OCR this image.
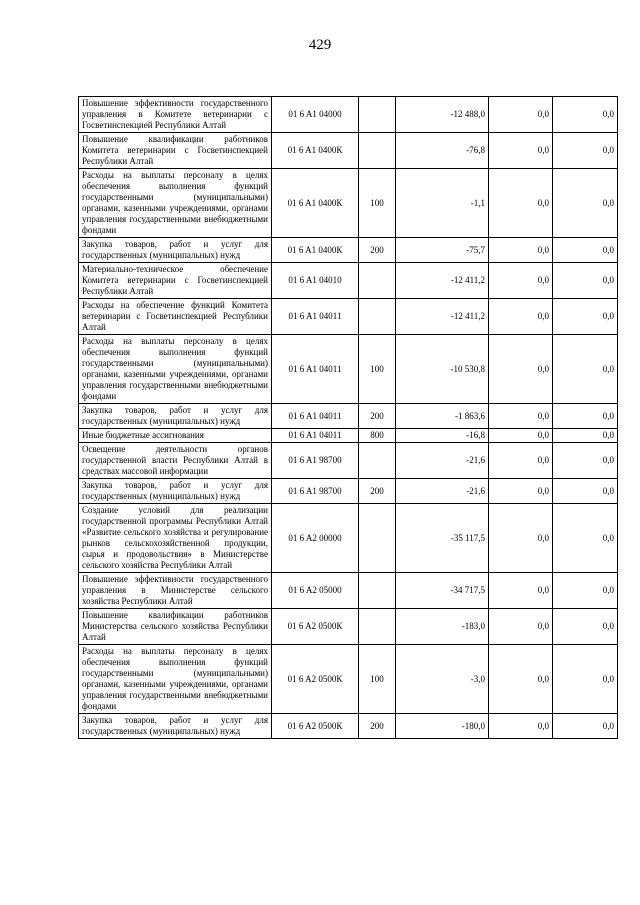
429
Повышение эффективности государственного управления в Комитете ветеринарии с Госветинспекцией Республики Алтай	01 6 A1 04000		-12 488,0	0,0	0,0
Повышение квалификации работников Комитета ветеринарии с Госветинспекцией Республики Алтай	01 6 A1 0400К		-76,8	0,0	0,0
Расходы на выплаты персоналу в целях обеспечения выполнения функций государственными (муниципальными) органами, казенными учреждениями, органами управления государственными внебюджетными фондами	01 6 A1 0400К	100	-1,1	0,0	0,0
Закупка товаров, работ и услуг для государственных (муниципальных) нужд	01 6 A1 0400К	200	-75,7	0,0	0,0
Материально-техническое обеспечение Комитета ветеринарии с Госветинспекцией Республики Алтай	01 6 A1 04010		-12 411,2	0,0	0,0
Расходы на обеспечение функций Комитета ветеринарии с Госветинспекцией Республики Алтай	01 6 A1 04011		-12 411,2	0,0	0,0
Расходы на выплаты персоналу в целях обеспечения выполнения функций государственными (муниципальными) органами, казенными учреждениями, органами управления государственными внебюджетными фондами	01 6 A1 04011	100	-10 530,8	0,0	0,0
Закупка товаров, работ и услуг для государственных (муниципальных) нужд	01 6 A1 04011	200	-1 863,6	0,0	0,0
Иные бюджетные ассигнования	01 6 A1 04011	800	-16,8	0,0	0,0
Освещение деятельности органов государственной власти Республики Алтай в средствах массовой информации	01 6 A1 98700		-21,6	0,0	0,0
Закупка товаров, работ и услуг для государственных (муниципальных) нужд	01 6 A1 98700	200	-21,6	0,0	0,0
Создание условий для реализации государственной программы Республики Алтай «Развитие сельского хозяйства и регулирование рынков сельскохозяйственной продукции, сырья и продовольствия» в Министерстве сельского хозяйства Республики Алтай	01 6 A2 00000		-35 117,5	0,0	0,0
Повышение эффективности государственного управления в Министерстве сельского хозяйства Республики Алтай	01 6 A2 05000		-34 717,5	0,0	0,0
Повышение квалификации работников Министерства сельского хозяйства Республики Алтай	01 6 A2 0500К		-183,0	0,0	0,0
Расходы на выплаты персоналу в целях обеспечения выполнения функций государственными (муниципальными) органами, казенными учреждениями, органами управления государственными внебюджетными фондами	01 6 A2 0500К	100	-3,0	0,0	0,0
Закупка товаров, работ и услуг для государственных (муниципальных) нужд	01 6 A2 0500К	200	-180,0	0,0	0,0
